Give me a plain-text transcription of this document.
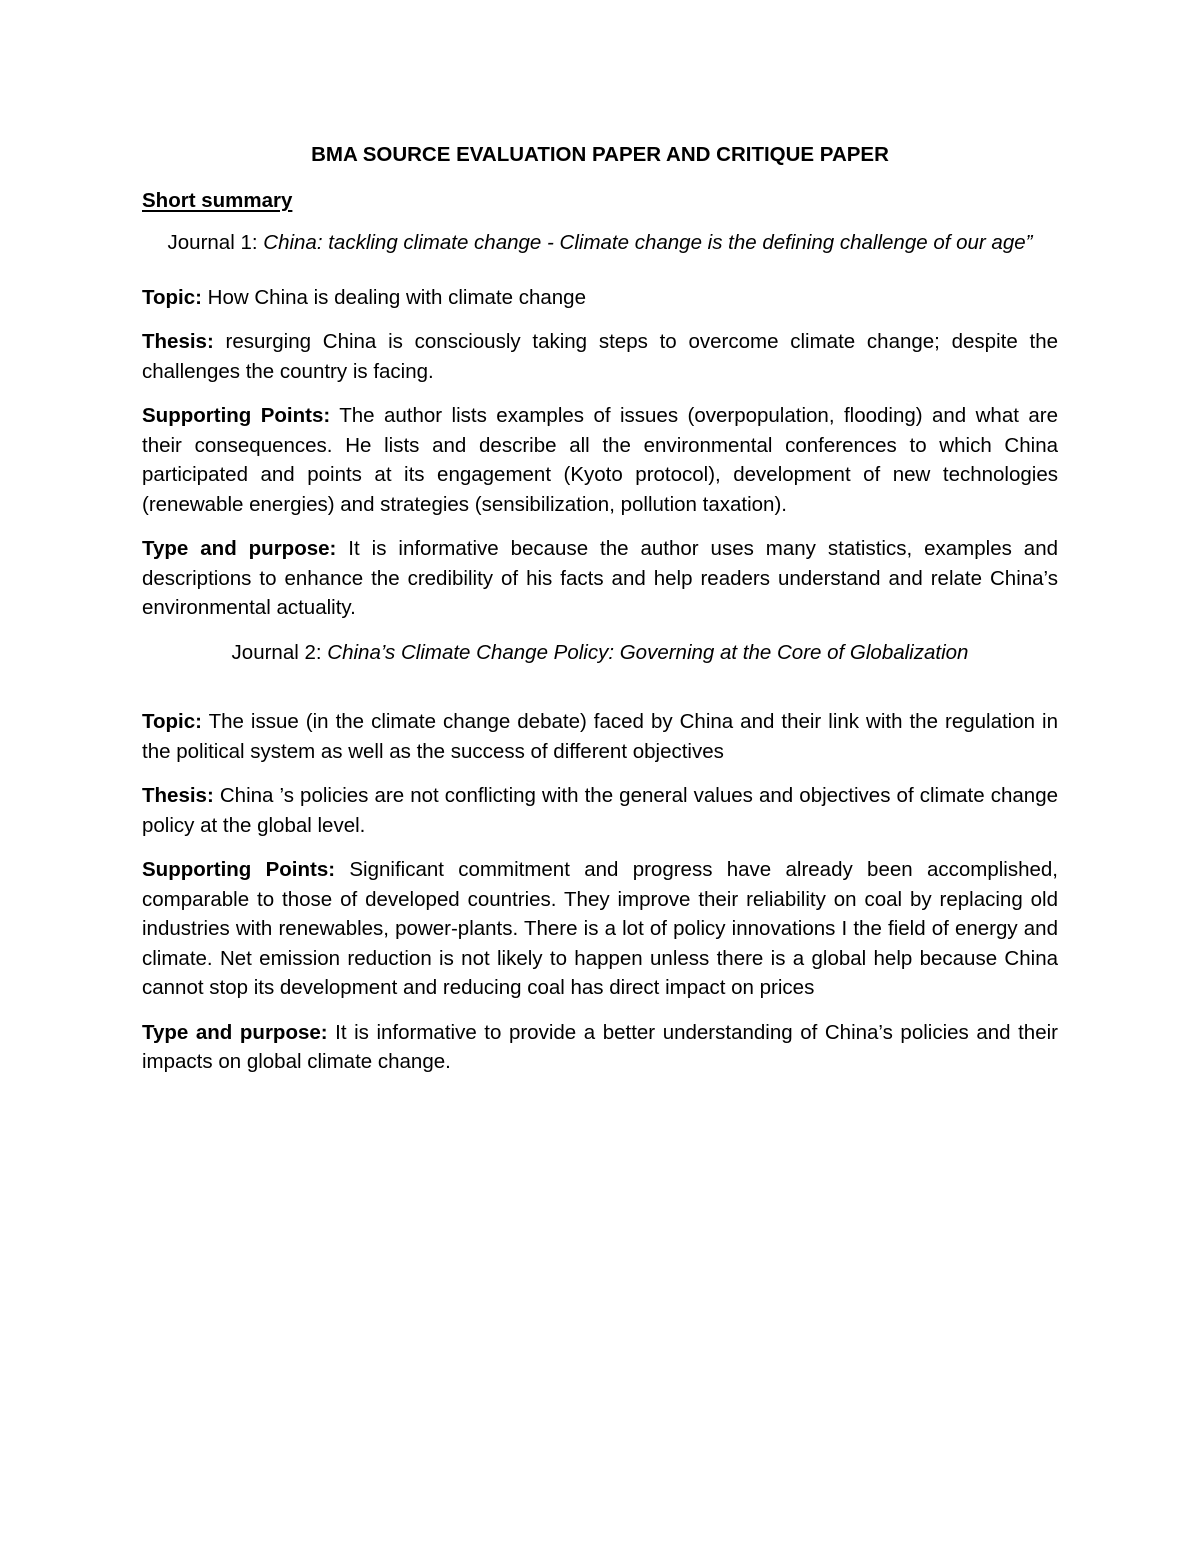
BMA SOURCE EVALUATION PAPER AND CRITIQUE PAPER
Short summary
Journal 1: China: tackling climate change - Climate change is the defining challenge of our age”

Topic: How China is dealing with climate change

Thesis: resurging China is consciously taking steps to overcome climate change; despite the challenges the country is facing.

Supporting Points: The author lists examples of issues (overpopulation, flooding) and what are their consequences. He lists and describe all the environmental conferences to which China participated and points at its engagement (Kyoto protocol), development of new technologies (renewable energies) and strategies (sensibilization, pollution taxation).

Type and purpose: It is informative because the author uses many statistics, examples and descriptions to enhance the credibility of his facts and help readers understand and relate China’s environmental actuality.

Journal 2: China’s Climate Change Policy: Governing at the Core of Globalization

Topic: The issue (in the climate change debate) faced by China and their link with the regulation in the political system as well as the success of different objectives

Thesis: China ’s policies are not conflicting with the general values and objectives of climate change policy at the global level.

Supporting Points: Significant commitment and progress have already been accomplished, comparable to those of developed countries. They improve their reliability on coal by replacing old industries with renewables, power-plants. There is a lot of policy innovations I the field of energy and climate. Net emission reduction is not likely to happen unless there is a global help because China cannot stop its development and reducing coal has direct impact on prices

Type and purpose: It is informative to provide a better understanding of China’s policies and their impacts on global climate change.
